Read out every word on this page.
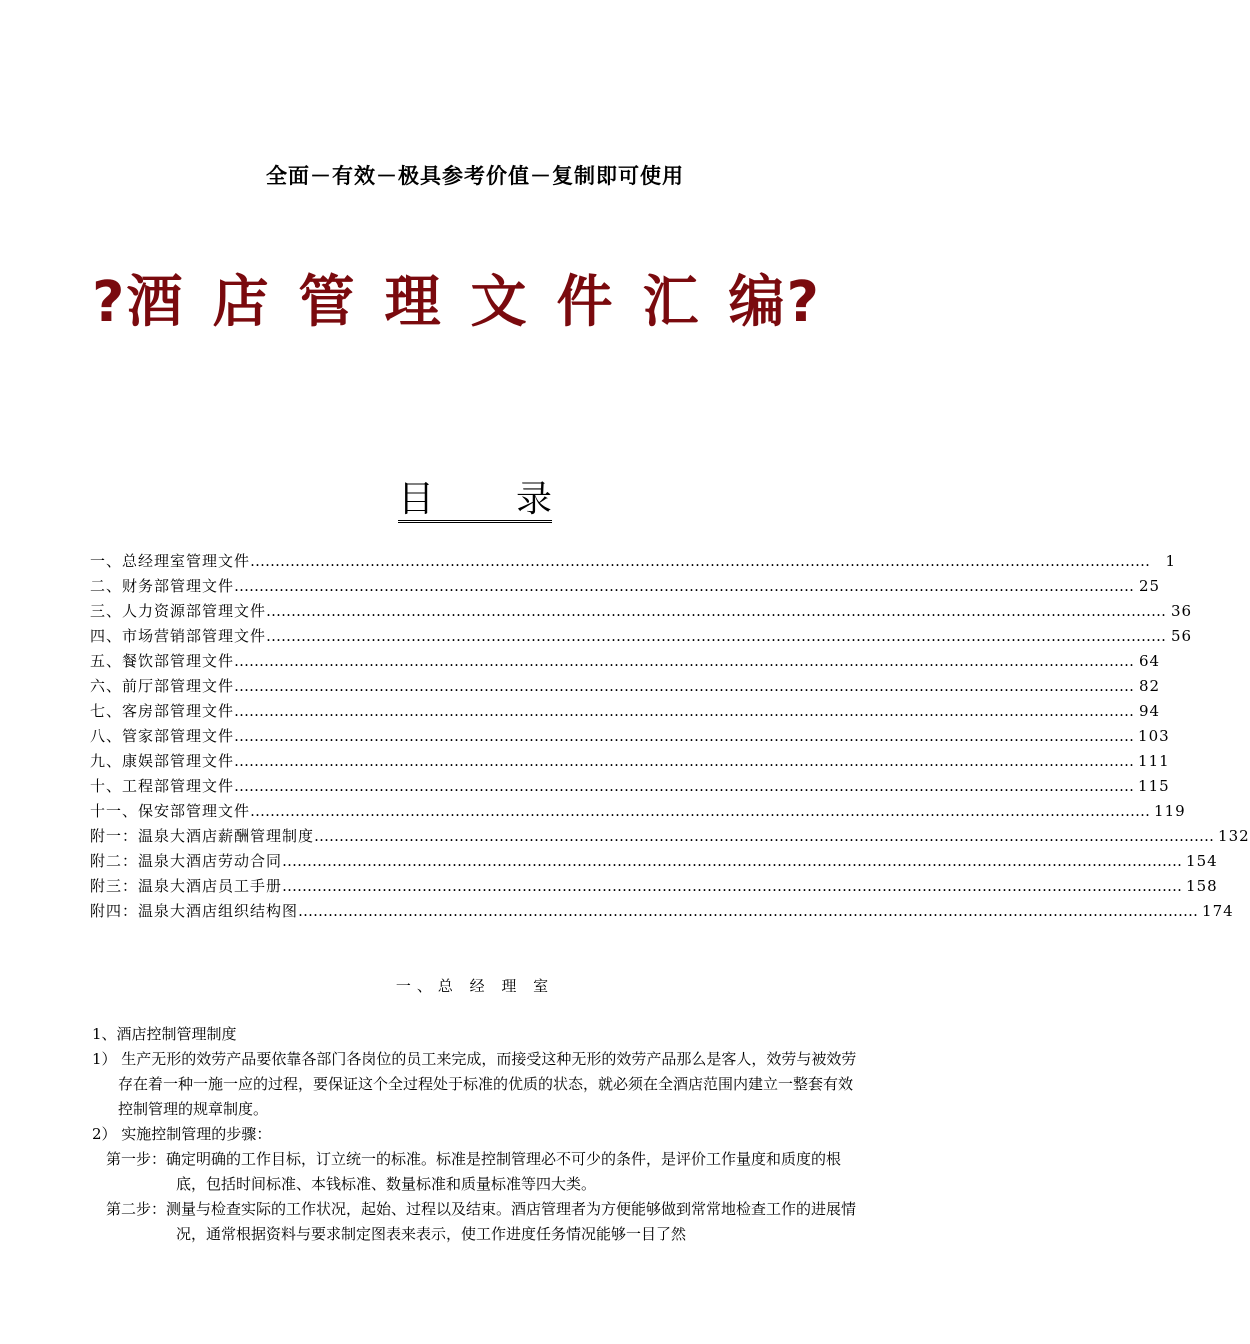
全面－有效－极具参考价值－复制即可使用
?酒 店 管 理 文 件 汇 编?
目 录
一、 总经理室管理文件 ………………………………………………………………………………………………………………………………………………………………	1
二、 财务部管理文件 ……………………………………………………………………………………………………………………………………………………………… 25
三、 人力资源部管理文件 ……………………………………………………………………………………………………………………………………………………………… 36
四、 市场营销部管理文件 ……………………………………………………………………………………………………………………………………………………………… 56
五、 餐饮部管理文件 ……………………………………………………………………………………………………………………………………………………………… 64
六、 前厅部管理文件 ……………………………………………………………………………………………………………………………………………………………… 82
七、 客房部管理文件 ……………………………………………………………………………………………………………………………………………………………… 94
八、 管家部管理文件 ……………………………………………………………………………………………………………………………………………………………… 103
九、 康娱部管理文件 ……………………………………………………………………………………………………………………………………………………………… 111
十、 工程部管理文件 ……………………………………………………………………………………………………………………………………………………………… 115
十一、 保安部管理文件 ……………………………………………………………………………………………………………………………………………………………… 119
附一： 温泉大酒店薪酬管理制度 ……………………………………………………………………………………………………………………………………………………………… 132
附二： 温泉大酒店劳动合同 ……………………………………………………………………………………………………………………………………………………………… 154
附三： 温泉大酒店员工手册 ……………………………………………………………………………………………………………………………………………………………… 158
附四： 温泉大酒店组织结构图 ……………………………………………………………………………………………………………………………………………………………… 174
一、总 经 理 室

1、酒店控制管理制度

1） 生产无形的效劳产品要依靠各部门各岗位的员工来完成，而接受这种无形的效劳产品那么是客人，效劳与被效劳存在着一种一施一应的过程，要保证这个全过程处于标准的优质的状态，就必须在全酒店范围内建立一整套有效控制管理的规章制度。

2） 实施控制管理的步骤：

第一步：确定明确的工作目标，订立统一的标准。标准是控制管理必不可少的条件，是评价工作量度和质度的根底，包括时间标准、本钱标准、数量标准和质量标准等四大类。

第二步：测量与检查实际的工作状况，起始、过程以及结束。酒店管理者为方便能够做到常常地检查工作的进展情况，通常根据资料与要求制定图表来表示，使工作进度任务情况能够一目了然
